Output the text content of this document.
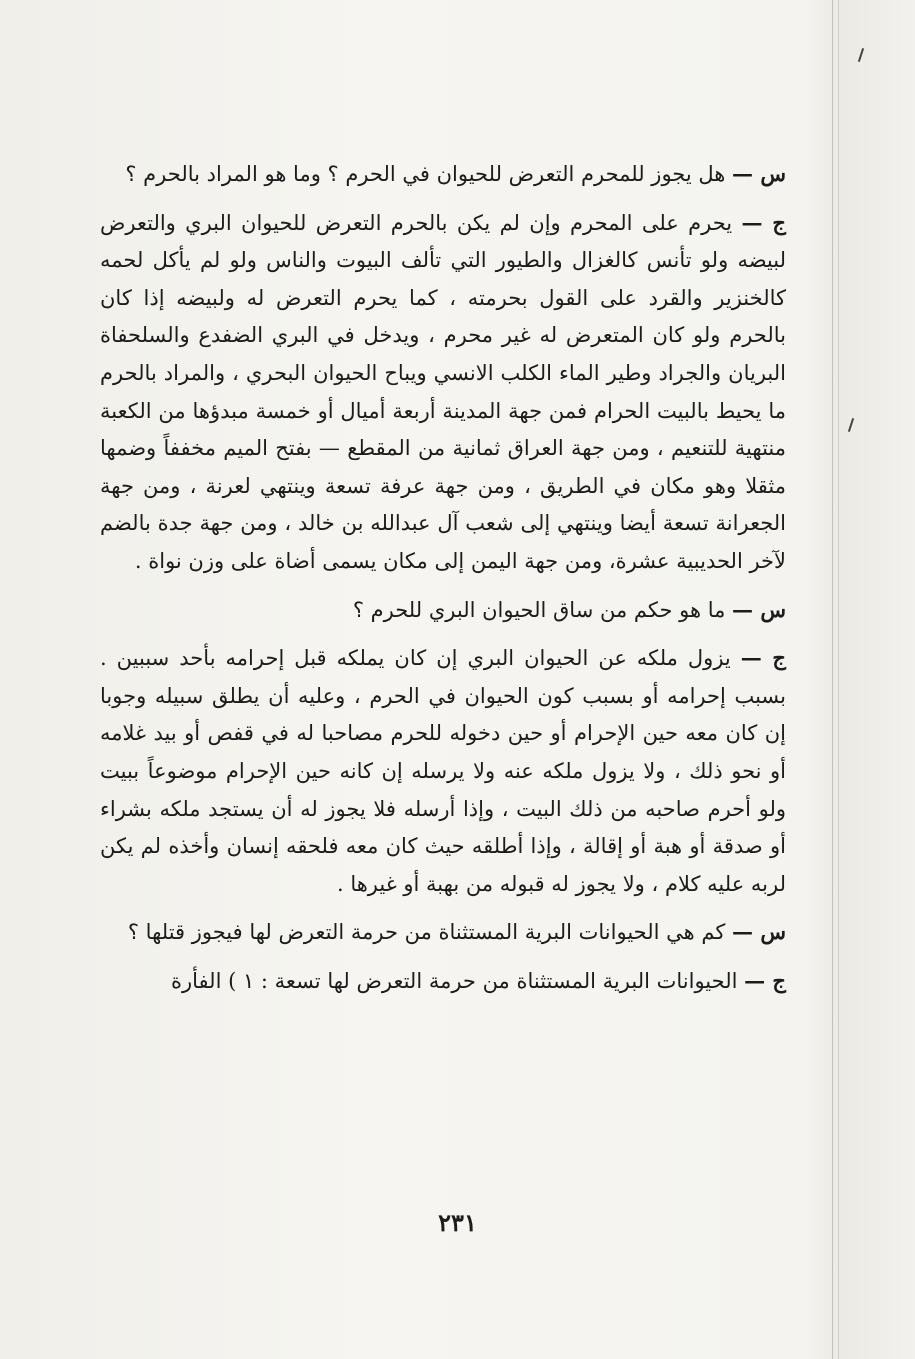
س — هل يجوز للمحرم التعرض للحيوان في الحرم ؟ وما هو المراد بالحرم ؟

ج — يحرم على المحرم وإن لم يكن بالحرم التعرض للحيوان البري والتعرض لبيضه ولو تأنس كالغزال والطيور التي تألف البيوت والناس ولو لم يأكل لحمه كالخنزير والقرد على القول بحرمته ، كما يحرم التعرض له ولبيضه إذا كان بالحرم ولو كان المتعرض له غير محرم ، ويدخل في البري الضفدع والسلحفاة البريان والجراد وطير الماء الكلب الانسي ويباح الحيوان البحري ، والمراد بالحرم ما يحيط بالبيت الحرام فمن جهة المدينة أربعة أميال أو خمسة مبدؤها من الكعبة منتهية للتنعيم ، ومن جهة العراق ثمانية من المقطع — بفتح الميم مخففاً وضمها مثقلا وهو مكان في الطريق ، ومن جهة عرفة تسعة وينتهي لعرنة ، ومن جهة الجعرانة تسعة أيضا وينتهي إلى شعب آل عبدالله بن خالد ، ومن جهة جدة بالضم لآخر الحديبية عشرة، ومن جهة اليمن إلى مكان يسمى أضاة على وزن نواة .

س — ما هو حكم من ساق الحيوان البري للحرم ؟

ج — يزول ملكه عن الحيوان البري إن كان يملكه قبل إحرامه بأحد سببين . بسبب إحرامه أو بسبب كون الحيوان في الحرم ، وعليه أن يطلق سبيله وجوبا إن كان معه حين الإحرام أو حين دخوله للحرم مصاحبا له في قفص أو بيد غلامه أو نحو ذلك ، ولا يزول ملكه عنه ولا يرسله إن كانه حين الإحرام موضوعاً ببيت ولو أحرم صاحبه من ذلك البيت ، وإذا أرسله فلا يجوز له أن يستجد ملكه بشراء أو صدقة أو هبة أو إقالة ، وإذا أطلقه حيث كان معه فلحقه إنسان وأخذه لم يكن لربه عليه كلام ، ولا يجوز له قبوله من بهبة أو غيرها .

س — كم هي الحيوانات البرية المستثناة من حرمة التعرض لها فيجوز قتلها ؟

ج — الحيوانات البرية المستثناة من حرمة التعرض لها تسعة : ١ ) الفأرة

٢٣١
